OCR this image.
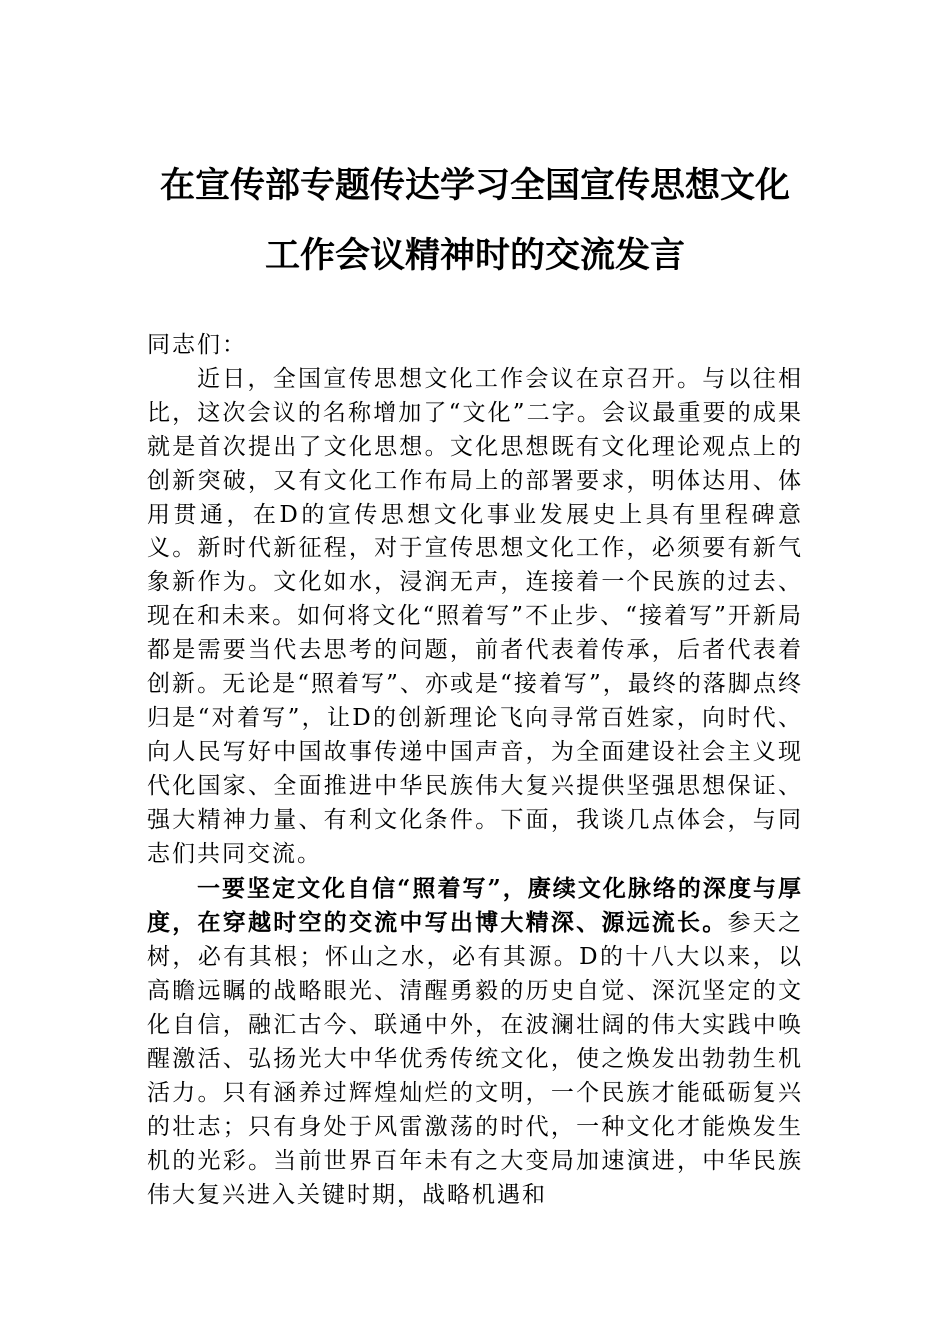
在宣传部专题传达学习全国宣传思想文化
工作会议精神时的交流发言

同志们：

近日，全国宣传思想文化工作会议在京召开。与以往相比，这次会议的名称增加了“文化”二字。会议最重要的成果就是首次提出了文化思想。文化思想既有文化理论观点上的创新突破，又有文化工作布局上的部署要求，明体达用、体用贯通，在D的宣传思想文化事业发展史上具有里程碑意义。新时代新征程，对于宣传思想文化工作，必须要有新气象新作为。文化如水，浸润无声，连接着一个民族的过去、现在和未来。如何将文化“照着写”不止步、“接着写”开新局都是需要当代去思考的问题，前者代表着传承，后者代表着创新。无论是“照着写”、亦或是“接着写”，最终的落脚点终归是“对着写”，让D的创新理论飞向寻常百姓家，向时代、向人民写好中国故事传递中国声音，为全面建设社会主义现代化国家、全面推进中华民族伟大复兴提供坚强思想保证、强大精神力量、有利文化条件。下面，我谈几点体会，与同志们共同交流。

一要坚定文化自信“照着写”，赓续文化脉络的深度与厚度，在穿越时空的交流中写出博大精深、源远流长。参天之树，必有其根；怀山之水，必有其源。D的十八大以来，以高瞻远瞩的战略眼光、清醒勇毅的历史自觉、深沉坚定的文化自信，融汇古今、联通中外，在波澜壮阔的伟大实践中唤醒激活、弘扬光大中华优秀传统文化，使之焕发出勃勃生机活力。只有涵养过辉煌灿烂的文明，一个民族才能砥砺复兴的壮志；只有身处于风雷激荡的时代，一种文化才能焕发生机的光彩。当前世界百年未有之大变局加速演进，中华民族伟大复兴进入关键时期，战略机遇和
